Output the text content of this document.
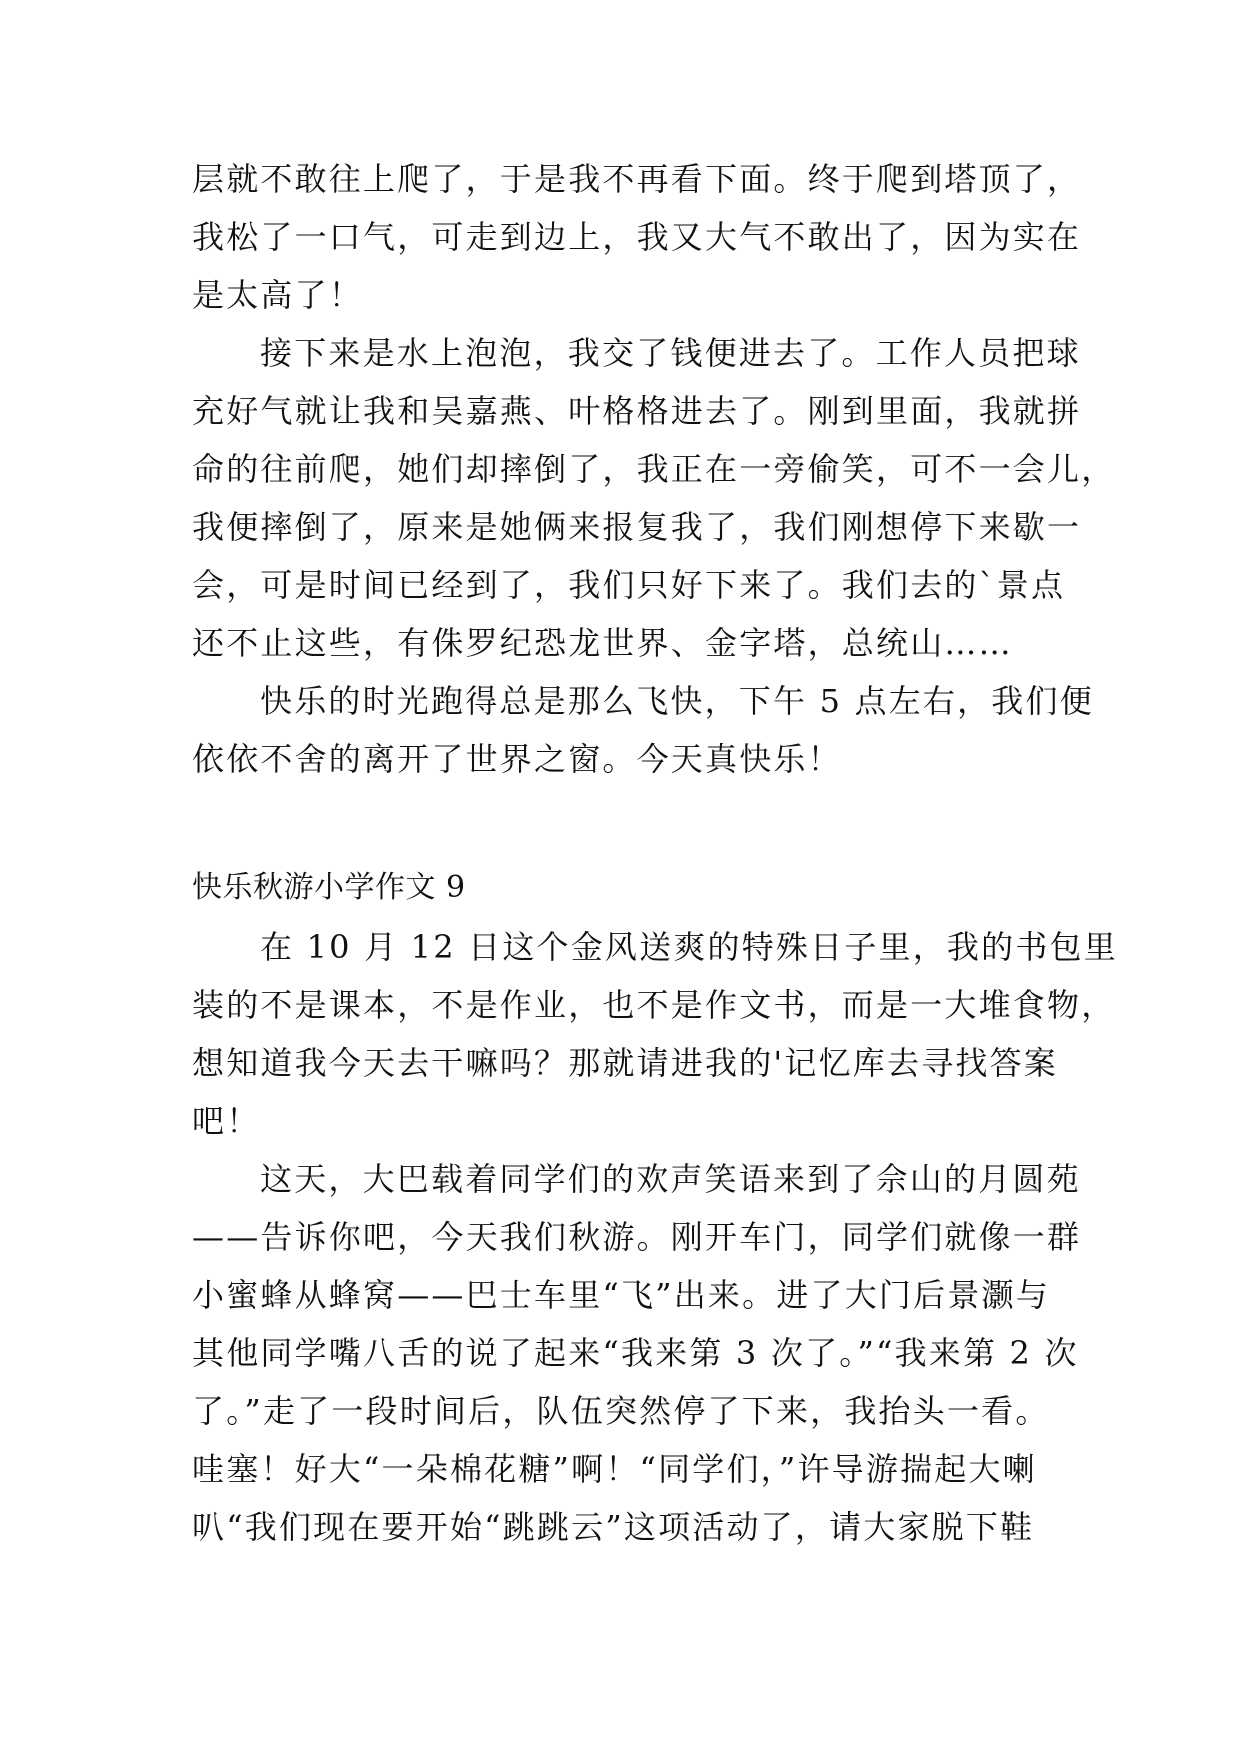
层就不敢往上爬了，于是我不再看下面。终于爬到塔顶了，
我松了一口气，可走到边上，我又大气不敢出了，因为实在
是太高了！
接下来是水上泡泡，我交了钱便进去了。工作人员把球
充好气就让我和吴嘉燕、叶格格进去了。刚到里面，我就拼
命的往前爬，她们却摔倒了，我正在一旁偷笑，可不一会儿，
我便摔倒了，原来是她俩来报复我了，我们刚想停下来歇一
会，可是时间已经到了，我们只好下来了。我们去的`景点
还不止这些，有侏罗纪恐龙世界、金字塔，总统山……
快乐的时光跑得总是那么飞快，下午 5 点左右，我们便
依依不舍的离开了世界之窗。今天真快乐！
快乐秋游小学作文 9
在 10 月 12 日这个金风送爽的特殊日子里，我的书包里
装的不是课本，不是作业，也不是作文书，而是一大堆食物，
想知道我今天去干嘛吗？那就请进我的'记忆库去寻找答案
吧！
这天，大巴载着同学们的欢声笑语来到了佘山的月圆苑
——告诉你吧，今天我们秋游。刚开车门，同学们就像一群
小蜜蜂从蜂窝——巴士车里“飞”出来。进了大门后景灏与
其他同学嘴八舌的说了起来“我来第 3 次了。”“我来第 2 次
了。”走了一段时间后，队伍突然停了下来，我抬头一看。
哇塞！好大“一朵棉花糖”啊！“同学们，”许导游揣起大喇
叭“我们现在要开始“跳跳云”这项活动了，请大家脱下鞋
